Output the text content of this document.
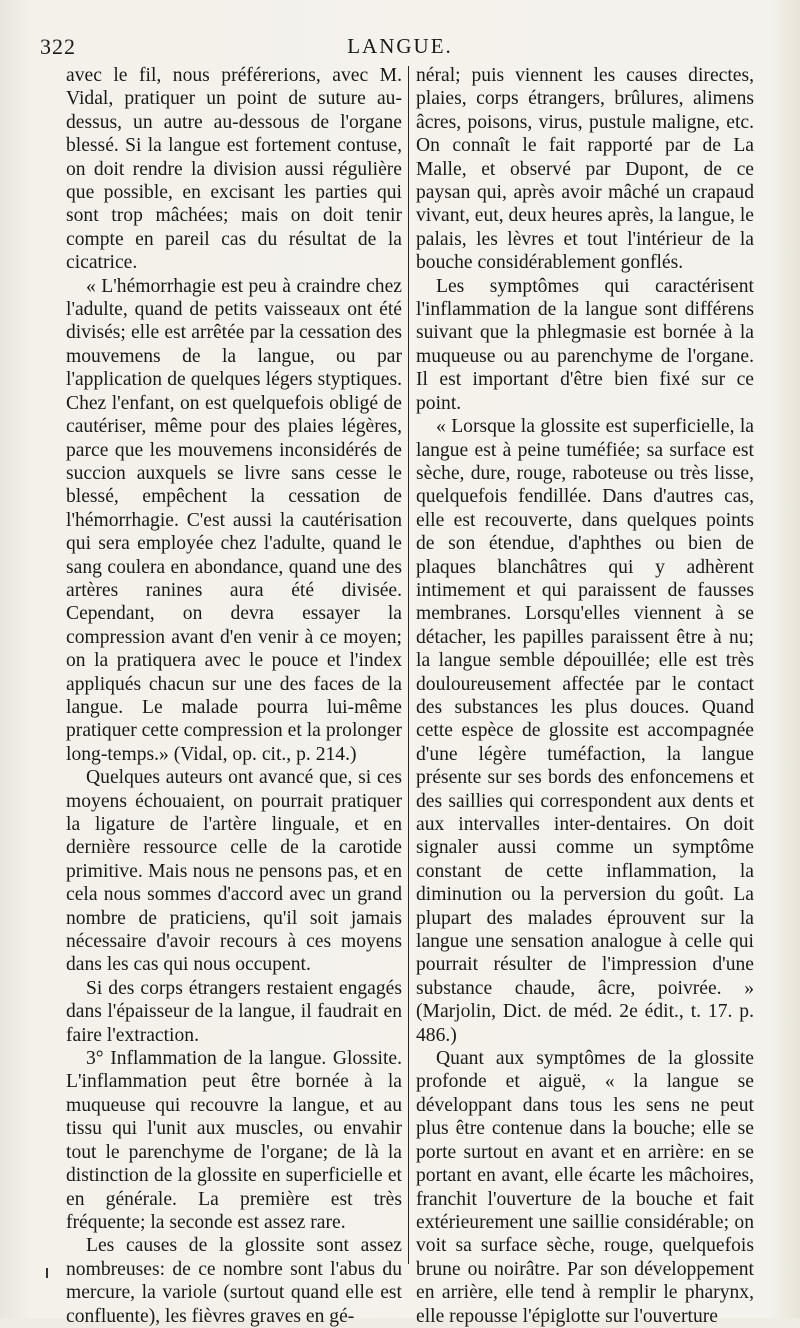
322	LANGUE.

avec le fil, nous préférerions, avec M. Vidal, pratiquer un point de suture au-dessus, un autre au-dessous de l'organe blessé. Si la langue est fortement contuse, on doit rendre la division aussi régulière que possible, en excisant les parties qui sont trop mâchées; mais on doit tenir compte en pareil cas du résultat de la cicatrice.

« L'hémorrhagie est peu à craindre chez l'adulte, quand de petits vaisseaux ont été divisés; elle est arrêtée par la cessation des mouvemens de la langue, ou par l'application de quelques légers styptiques. Chez l'enfant, on est quelquefois obligé de cautériser, même pour des plaies légères, parce que les mouvemens inconsidérés de succion auxquels se livre sans cesse le blessé, empêchent la cessation de l'hémorrhagie. C'est aussi la cautérisation qui sera employée chez l'adulte, quand le sang coulera en abondance, quand une des artères ranines aura été divisée. Cependant, on devra essayer la compression avant d'en venir à ce moyen; on la pratiquera avec le pouce et l'index appliqués chacun sur une des faces de la langue. Le malade pourra lui-même pratiquer cette compression et la prolonger long-temps.» (Vidal, op. cit., p. 214.)

Quelques auteurs ont avancé que, si ces moyens échouaient, on pourrait pratiquer la ligature de l'artère linguale, et en dernière ressource celle de la carotide primitive. Mais nous ne pensons pas, et en cela nous sommes d'accord avec un grand nombre de praticiens, qu'il soit jamais nécessaire d'avoir recours à ces moyens dans les cas qui nous occupent.

Si des corps étrangers restaient engagés dans l'épaisseur de la langue, il faudrait en faire l'extraction.

3° Inflammation de la langue. Glossite. L'inflammation peut être bornée à la muqueuse qui recouvre la langue, et au tissu qui l'unit aux muscles, ou envahir tout le parenchyme de l'organe; de là la distinction de la glossite en superficielle et en générale. La première est très fréquente; la seconde est assez rare.

Les causes de la glossite sont assez nombreuses: de ce nombre sont l'abus du mercure, la variole (surtout quand elle est confluente), les fièvres graves en gé-

néral; puis viennent les causes directes, plaies, corps étrangers, brûlures, alimens âcres, poisons, virus, pustule maligne, etc. On connaît le fait rapporté par de La Malle, et observé par Dupont, de ce paysan qui, après avoir mâché un crapaud vivant, eut, deux heures après, la langue, le palais, les lèvres et tout l'intérieur de la bouche considérablement gonflés.

Les symptômes qui caractérisent l'inflammation de la langue sont différens suivant que la phlegmasie est bornée à la muqueuse ou au parenchyme de l'organe. Il est important d'être bien fixé sur ce point.

« Lorsque la glossite est superficielle, la langue est à peine tuméfiée; sa surface est sèche, dure, rouge, raboteuse ou très lisse, quelquefois fendillée. Dans d'autres cas, elle est recouverte, dans quelques points de son étendue, d'aphthes ou bien de plaques blanchâtres qui y adhèrent intimement et qui paraissent de fausses membranes. Lorsqu'elles viennent à se détacher, les papilles paraissent être à nu; la langue semble dépouillée; elle est très douloureusement affectée par le contact des substances les plus douces. Quand cette espèce de glossite est accompagnée d'une légère tuméfaction, la langue présente sur ses bords des enfoncemens et des saillies qui correspondent aux dents et aux intervalles inter-dentaires. On doit signaler aussi comme un symptôme constant de cette inflammation, la diminution ou la perversion du goût. La plupart des malades éprouvent sur la langue une sensation analogue à celle qui pourrait résulter de l'impression d'une substance chaude, âcre, poivrée. » (Marjolin, Dict. de méd. 2e édit., t. 17. p. 486.)

Quant aux symptômes de la glossite profonde et aiguë, « la langue se développant dans tous les sens ne peut plus être contenue dans la bouche; elle se porte surtout en avant et en arrière: en se portant en avant, elle écarte les mâchoires, franchit l'ouverture de la bouche et fait extérieurement une saillie considérable; on voit sa surface sèche, rouge, quelquefois brune ou noirâtre. Par son développement en arrière, elle tend à remplir le pharynx, elle repousse l'épiglotte sur l'ouverture
